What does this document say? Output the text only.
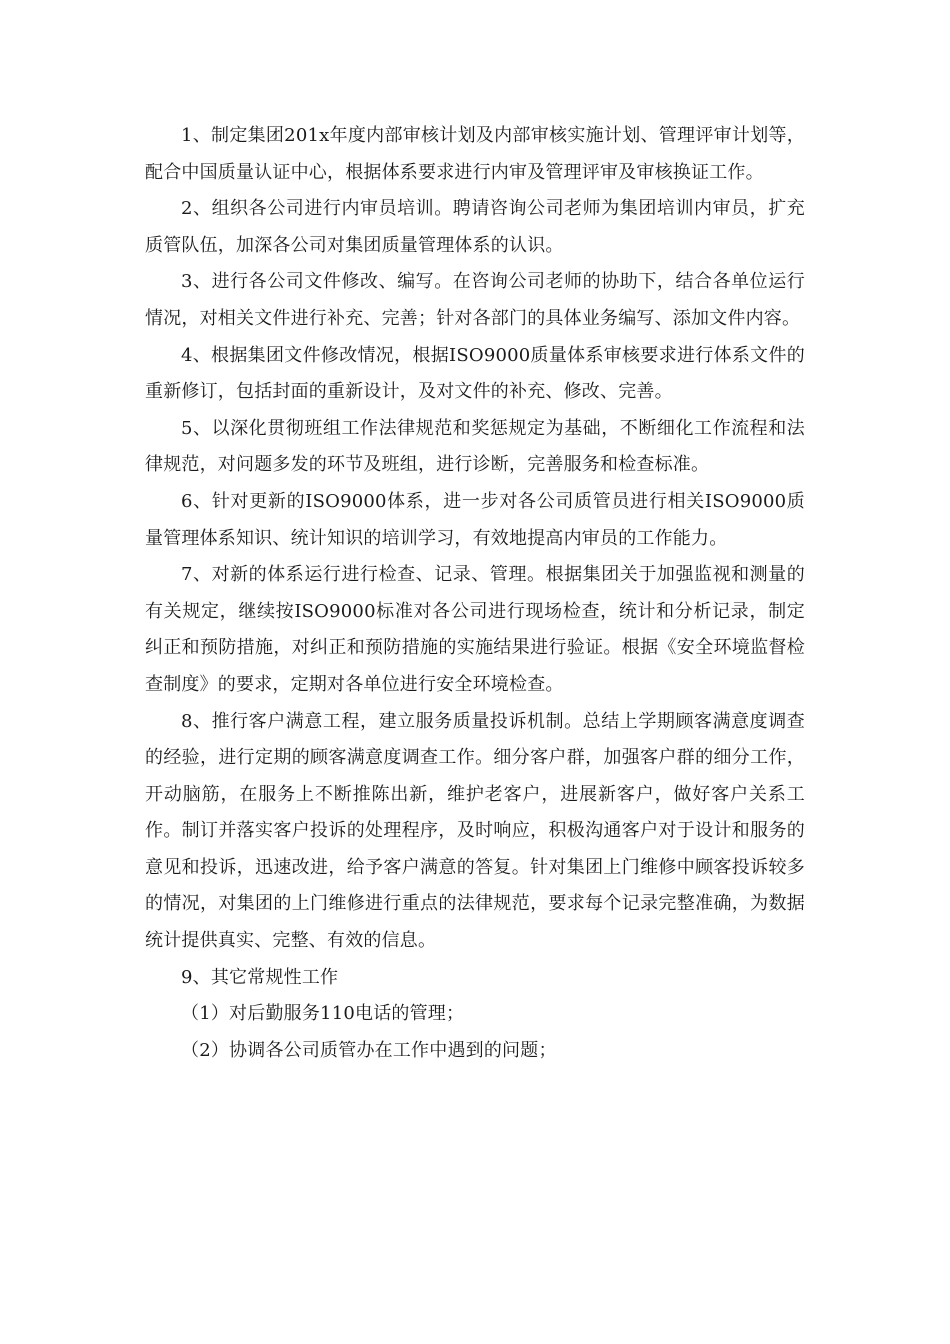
1、制定集团201x年度内部审核计划及内部审核实施计划、管理评审计划等，配合中国质量认证中心，根据体系要求进行内审及管理评审及审核换证工作。

2、组织各公司进行内审员培训。聘请咨询公司老师为集团培训内审员，扩充质管队伍，加深各公司对集团质量管理体系的认识。

3、进行各公司文件修改、编写。在咨询公司老师的协助下，结合各单位运行情况，对相关文件进行补充、完善；针对各部门的具体业务编写、添加文件内容。

4、根据集团文件修改情况，根据ISO9000质量体系审核要求进行体系文件的重新修订，包括封面的重新设计，及对文件的补充、修改、完善。

5、以深化贯彻班组工作法律规范和奖惩规定为基础，不断细化工作流程和法律规范，对问题多发的环节及班组，进行诊断，完善服务和检查标准。

6、针对更新的ISO9000体系，进一步对各公司质管员进行相关ISO9000质量管理体系知识、统计知识的培训学习，有效地提高内审员的工作能力。

7、对新的体系运行进行检查、记录、管理。根据集团关于加强监视和测量的有关规定，继续按ISO9000标准对各公司进行现场检查，统计和分析记录，制定纠正和预防措施，对纠正和预防措施的实施结果进行验证。根据《安全环境监督检查制度》的要求，定期对各单位进行安全环境检查。

8、推行客户满意工程，建立服务质量投诉机制。总结上学期顾客满意度调查的经验，进行定期的顾客满意度调查工作。细分客户群，加强客户群的细分工作，开动脑筋，在服务上不断推陈出新，维护老客户，进展新客户，做好客户关系工作。制订并落实客户投诉的处理程序，及时响应，积极沟通客户对于设计和服务的意见和投诉，迅速改进，给予客户满意的答复。针对集团上门维修中顾客投诉较多的情况，对集团的上门维修进行重点的法律规范，要求每个记录完整准确，为数据统计提供真实、完整、有效的信息。

9、其它常规性工作

（1）对后勤服务110电话的管理；

（2）协调各公司质管办在工作中遇到的问题；
